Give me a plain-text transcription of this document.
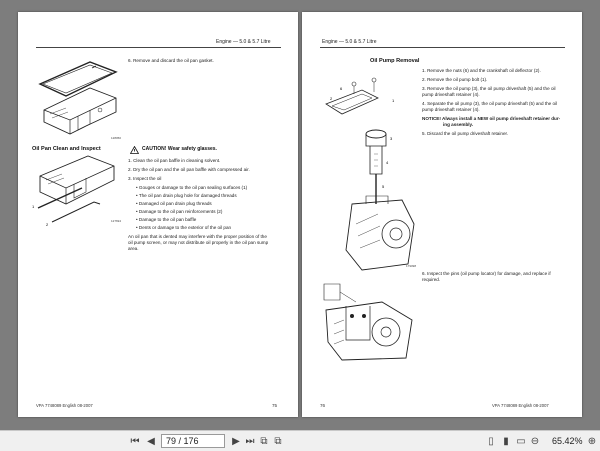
Engine — 5.0 & 5.7 Litre
6. Remove and discard the oil pan gasket.
128050
Oil Pan Clean and Inspect	CAUTION! Wear safety glasses.
1. Clean the oil pan baffle in cleaning solvent.
2. Dry the oil pan and the oil pan baffle with compressed air.
3. Inspect the oil
• Gouges or damage to the oil pan sealing surfaces (1)
• The oil pan drain plug hole for damaged threads
• Damaged oil pan drain plug threads
• Damage to the oil pan reinforcements (2)
• Damage to the oil pan baffle
• Dents or damage to the exterior of the oil pan
An oil pan that is dented may interfere with the proper position of the
oil pump screen, or may not distribute oil properly in the oil pan sump
area.
1
2
127694
VPA 7748089 English 08-2007	75
Engine — 5.0 & 5.7 Litre
Oil Pump Removal
1. Remove the nuts (6) and the crankshaft oil deflector (2).
2. Remove the oil pump bolt (1).
3. Remove the oil pump (3), the oil pump driveshaft (5) and the oil
pump driveshaft retainer (4).
4. Separate the oil pump (3), the oil pump driveshaft (5) and the oil
pump driveshaft retainer (4).
NOTICE! Always install a NEW oil pump driveshaft retainer dur-
ing assembly.
5. Discard the oil pump driveshaft retainer.
1
2
3
4
5
6
179098
6. Inspect the pins (oil pump locator) for damage, and replace if
required.
76	VPA 7748089 English 08-2007
⏮ ◀	79 / 176	▶ ⏭ ⧉ ⧉	▯ ▮ ▭ ⊖ 65.42% ⊕
